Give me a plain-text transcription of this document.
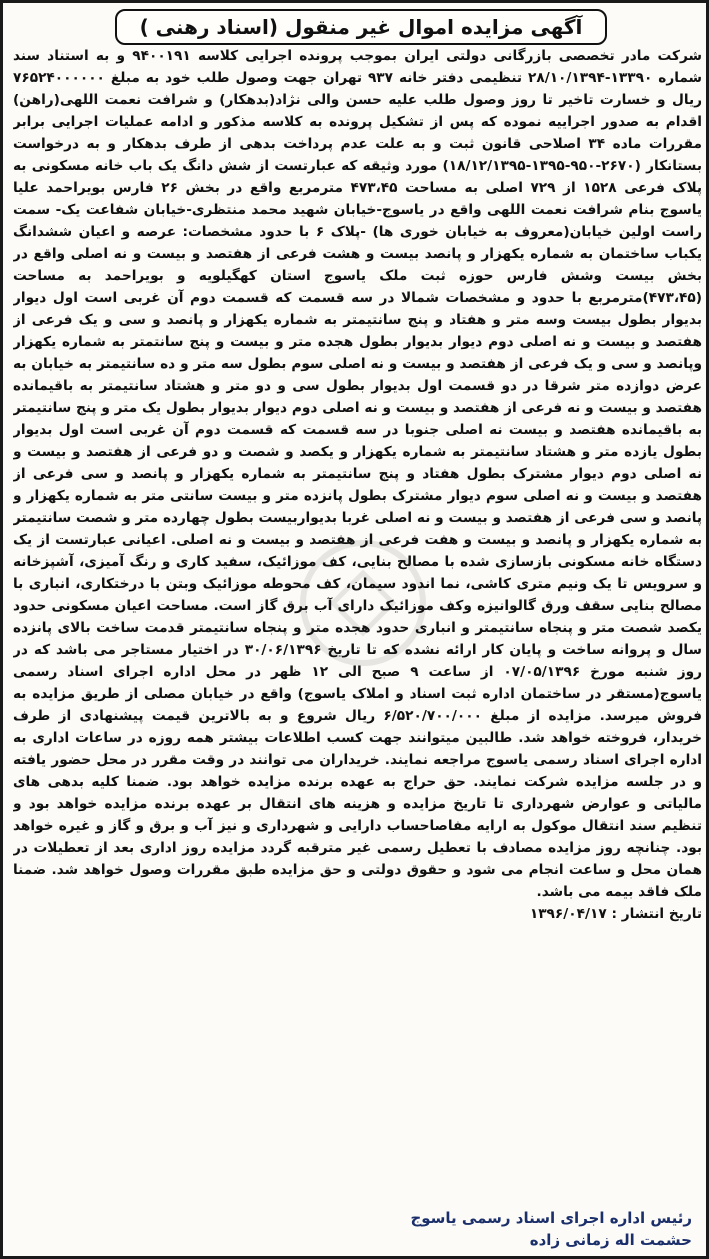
آگهی مزایده اموال غیر منقول (اسناد رهنی )
شرکت مادر تخصصی بازرگانی دولتی ایران بموجب پرونده اجرایی کلاسه ۹۴۰۰۱۹۱ و به استناد سند شماره ۱۳۳۹۰-۲۸/۱۰/۱۳۹۴ تنظیمی دفتر خانه ۹۳۷ تهران جهت وصول طلب خود به مبلغ ۷۶۵۲۴۰۰۰۰۰۰ ریال و خسارت تاخیر تا روز وصول طلب علیه حسن والی نژاد(بدهکار) و شرافت نعمت اللهی(راهن) اقدام به صدور اجراییه نموده که پس از تشکیل پرونده به کلاسه مذکور و ادامه عملیات اجرایی برابر مقررات ماده ۳۴ اصلاحی قانون ثبت و به علت عدم پرداخت بدهی از طرف بدهکار و به درخواست بستانکار (۲۶۷۰-۹۵۰-۱۳۹۵-۱۸/۱۲/۱۳۹۵) مورد وثیقه که عبارتست از شش دانگ یک باب خانه مسکونی به پلاک فرعی ۱۵۲۸ از ۷۲۹ اصلی به مساحت ۴۷۳،۴۵ مترمربع واقع در بخش ۲۶ فارس بویراحمد علیا یاسوج بنام شرافت نعمت اللهی واقع در یاسوج-خیابان شهید محمد منتظری-خیابان شفاعت یک- سمت راست اولین خیابان(معروف به خیابان خوری ها) -پلاک ۶ با حدود مشخصات: عرصه و اعیان ششدانگ یکباب ساختمان به شماره یکهزار و پانصد بیست و هشت فرعی از هفتصد و بیست و نه اصلی واقع در بخش بیست وشش فارس حوزه ثبت ملک یاسوج استان کهگیلویه و بویراحمد به مساحت (۴۷۳،۴۵)مترمربع با حدود و مشخصات شمالا در سه قسمت که قسمت دوم آن غربی است اول دیوار بدیوار بطول بیست وسه متر و هفتاد و پنج سانتیمتر به شماره یکهزار و پانصد و سی و یک فرعی از هفتصد و بیست و نه اصلی دوم دیوار بدیوار بطول هجده متر و بیست و پنج سانتمتر به شماره یکهزار وپانصد و سی و یک فرعی از هفتصد و بیست و نه اصلی سوم بطول سه متر و ده سانتیمتر به خیابان به عرض دوازده متر شرقا در دو قسمت اول بدیوار بطول سی و دو متر و هشتاد سانتیمتر به باقیمانده هفتصد و بیست و نه فرعی از هفتصد و بیست و نه اصلی دوم دیوار بدیوار بطول یک متر و پنج سانتیمتر به باقیمانده هفتصد و بیست نه اصلی جنوبا در سه قسمت که قسمت دوم آن غربی است اول بدیوار بطول یازده متر و هشتاد سانتیمتر به شماره یکهزار و یکصد و شصت و دو فرعی از هفتصد و بیست و نه اصلی دوم دیوار مشترک بطول هفتاد و پنج سانتیمتر به شماره یکهزار و پانصد و سی فرعی از هفتصد و بیست و نه اصلی سوم دیوار مشترک بطول پانزده متر و بیست سانتی متر به شماره یکهزار و پانصد و سی فرعی از هفتصد و بیست و نه اصلی غربا بدیواربیست بطول چهارده متر و شصت سانتیمتر به شماره یکهزار و پانصد و بیست و هفت فرعی از هفتصد و بیست و نه اصلی. اعیانی عبارتست از یک دستگاه خانه مسکونی بازسازی شده با مصالح بنایی، کف موزائیک، سفید کاری و رنگ آمیزی، آشپزخانه و سرویس تا یک ونیم متری کاشی، نما اندود سیمان، کف محوطه موزائیک وبتن با درختکاری، انباری با مصالح بنایی سقف ورق گالوانیزه وکف موزائیک دارای آب برق گاز است. مساحت اعیان مسکونی حدود یکصد شصت متر و پنجاه سانتیمتر و انباری حدود هجده متر و پنجاه سانتیمتر قدمت ساخت بالای پانزده سال و پروانه ساخت و پایان کار ارائه نشده که تا تاریخ ۳۰/۰۶/۱۳۹۶ در اختیار مستاجر می باشد که در روز شنبه مورخ ۰۷/۰۵/۱۳۹۶ از ساعت ۹ صبح الی ۱۲ ظهر در محل اداره اجرای اسناد رسمی یاسوج(مستقر در ساختمان اداره ثبت اسناد و املاک یاسوج) واقع در خیابان مصلی از طریق مزایده به فروش میرسد. مزایده از مبلغ ۶/۵۲۰/۷۰۰/۰۰۰ ریال شروع و به بالاترین قیمت پیشنهادی از طرف خریدار، فروخته خواهد شد. طالبین میتوانند جهت کسب اطلاعات بیشتر همه روزه در ساعات اداری به اداره اجرای اسناد رسمی یاسوج مراجعه نمایند. خریداران می توانند در وقت مقرر در محل حضور یافته و در جلسه مزایده شرکت نمایند. حق حراج به عهده برنده مزایده خواهد بود. ضمنا کلیه بدهی های مالیاتی و عوارض شهرداری تا تاریخ مزایده و هزینه های انتقال بر عهده برنده مزایده خواهد بود و تنظیم سند انتقال موکول به ارایه مفاصاحساب دارایی و شهرداری و نیز آب و برق و گاز و غیره خواهد بود. چنانچه روز مزایده مصادف با تعطیل رسمی غیر مترقبه گردد مزایده روز اداری بعد از تعطیلات در همان محل و ساعت انجام می شود و حقوق دولتی و حق مزایده طبق مقررات وصول خواهد شد. ضمنا ملک فاقد بیمه می باشد.

تاریخ انتشار : ۱۳۹۶/۰۴/۱۷

رئیس اداره اجرای اسناد رسمی یاسوج
حشمت اله زمانی زاده
